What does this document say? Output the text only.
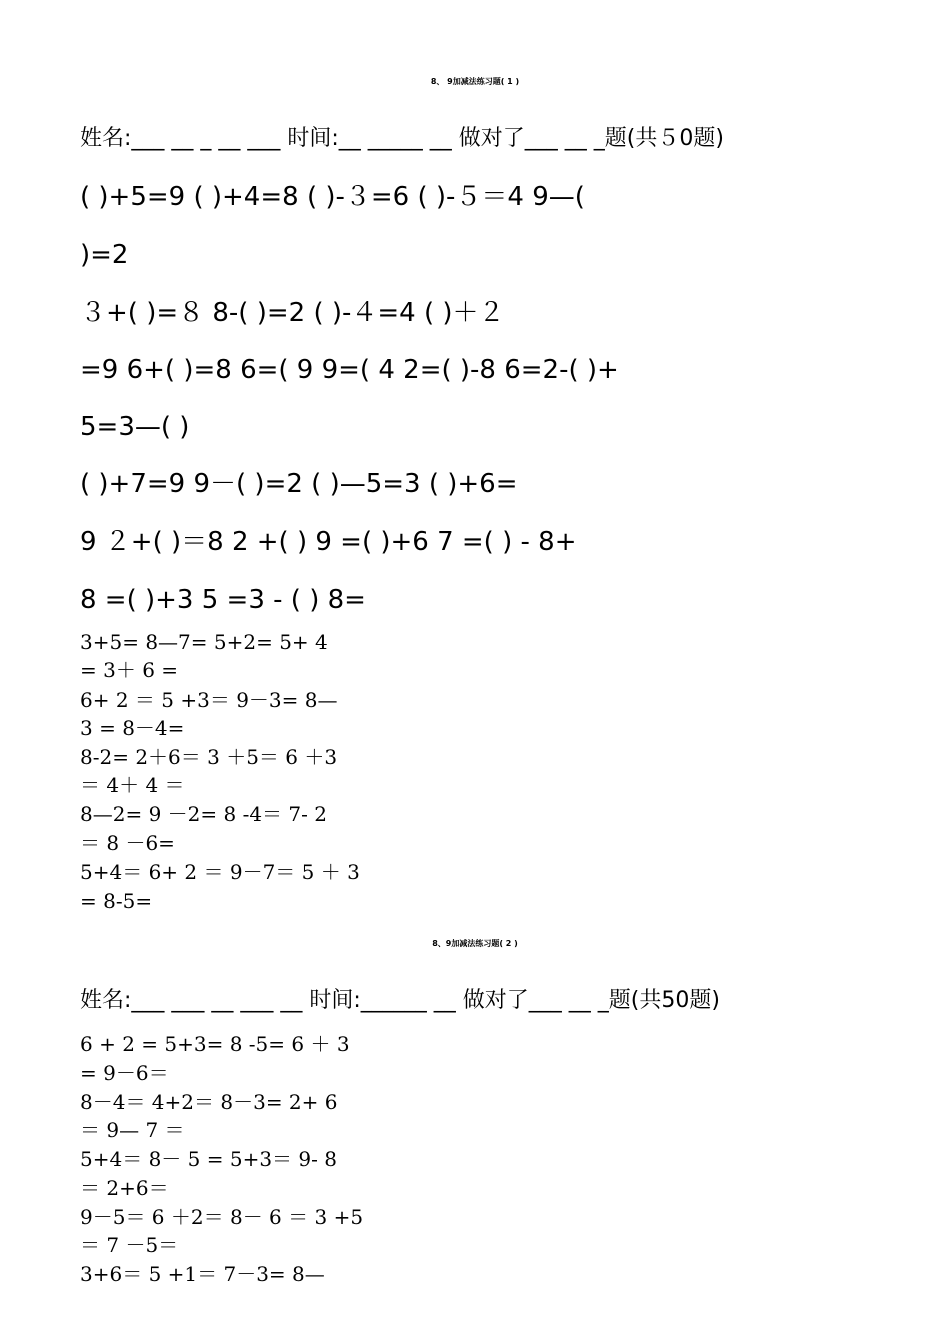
8、 9加减法练习题( 1 )
姓名:___ __ _ __ ___ 时间:__ _____ __ 做对了___ __ _题(共５0题)
( )+5=9 ( )+4=8 ( )-３=6 ( )-５＝4 9—(
)=2
３+( )=８ 8-( )=2 ( )-４=4 ( )＋２
=9 6+( )=8 6=( 9 9=( 4 2=( )-8 6=2-( )+
5=3—( )
( )+7=9 9－( )=2 ( )—5=3 ( )+6=
9 ２+( )＝8 2 +( ) 9 =( )+6 7 =( ) - 8+
8 =( )+3 5 =3 - ( ) 8=
3+5= 8—7= 5+2= 5+ 4
= 3＋ 6 =
6+ 2 ＝ 5 +3＝ 9－3= 8—
3 = 8－4=
8-2= 2＋6＝ 3 ＋5＝ 6 ＋3
＝ 4＋ 4 ＝
8—2= 9 －2= 8 -4＝ 7- 2
＝ 8 －6=
5+4＝ 6+ 2 ＝ 9－7＝ 5 ＋ 3
= 8-5=
8、9加减法练习题( 2 )
姓名:___ ___ __ ___ __ 时间:______ __ 做对了___ __ _题(共50题)
6 + 2 = 5+3= 8 -5= 6 ＋ 3
= 9－6＝
8－4＝ 4+2＝ 8－3= 2+ 6
＝ 9— 7 ＝
5+4＝ 8－ 5 = 5+3＝ 9- 8
＝ 2+6＝
9－5＝ 6 ＋2＝ 8－ 6 ＝ 3 +5
＝ 7 －5＝
3+6＝ 5 +1＝ 7－3= 8—
